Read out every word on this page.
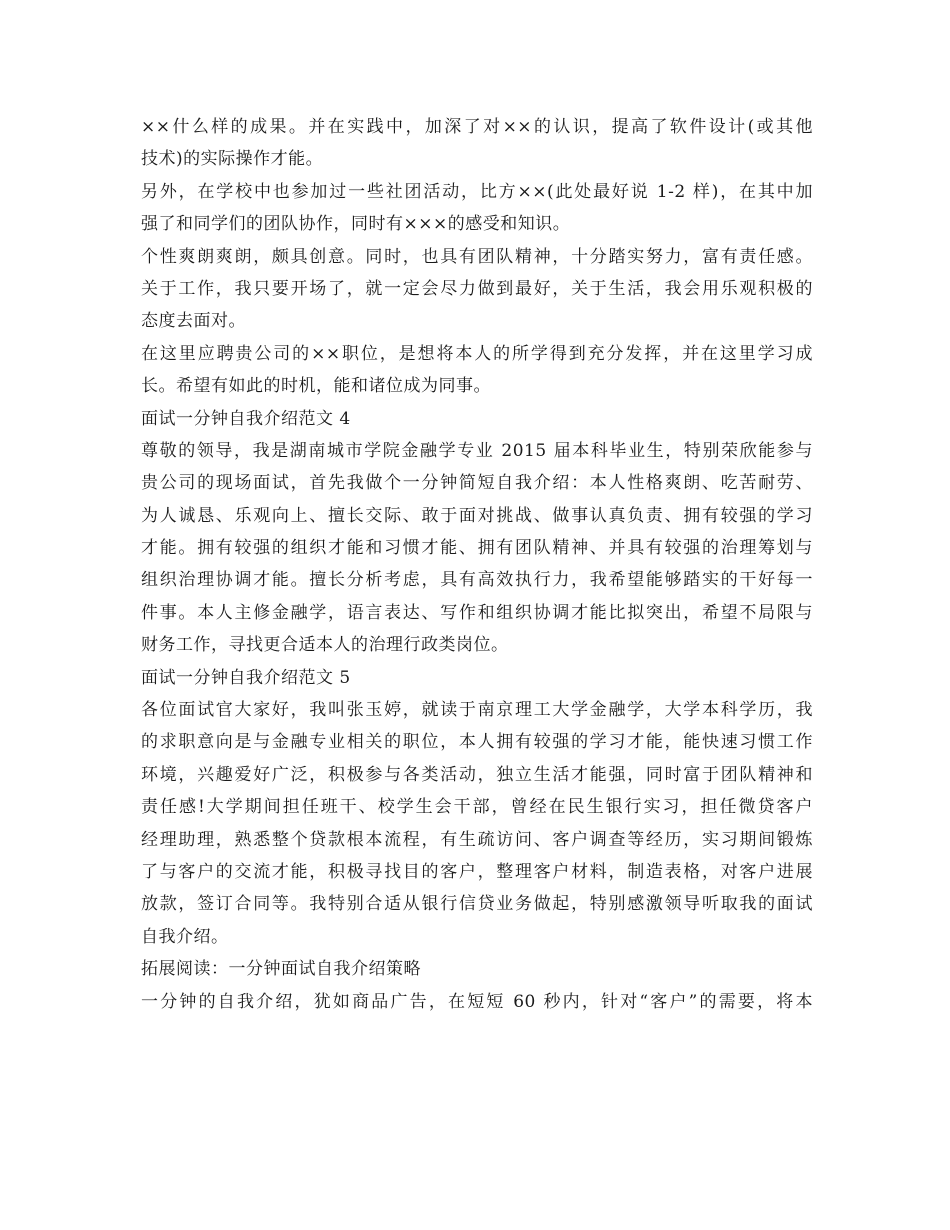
××什么样的成果。并在实践中，加深了对××的认识，提高了软件设计(或其他
技术)的实际操作才能。
另外，在学校中也参加过一些社团活动，比方××(此处最好说 1-2 样)，在其中加
强了和同学们的团队协作，同时有×××的感受和知识。
个性爽朗爽朗，颇具创意。同时，也具有团队精神，十分踏实努力，富有责任感。
关于工作，我只要开场了，就一定会尽力做到最好，关于生活，我会用乐观积极的
态度去面对。
在这里应聘贵公司的××职位，是想将本人的所学得到充分发挥，并在这里学习成
长。希望有如此的时机，能和诸位成为同事。
面试一分钟自我介绍范文 4
尊敬的领导，我是湖南城市学院金融学专业 2015 届本科毕业生，特别荣欣能参与
贵公司的现场面试，首先我做个一分钟简短自我介绍：本人性格爽朗、吃苦耐劳、
为人诚恳、乐观向上、擅长交际、敢于面对挑战、做事认真负责、拥有较强的学习
才能。拥有较强的组织才能和习惯才能、拥有团队精神、并具有较强的治理筹划与
组织治理协调才能。擅长分析考虑，具有高效执行力，我希望能够踏实的干好每一
件事。本人主修金融学，语言表达、写作和组织协调才能比拟突出，希望不局限与
财务工作，寻找更合适本人的治理行政类岗位。
面试一分钟自我介绍范文 5
各位面试官大家好，我叫张玉婷，就读于南京理工大学金融学，大学本科学历，我
的求职意向是与金融专业相关的职位，本人拥有较强的学习才能，能快速习惯工作
环境，兴趣爱好广泛，积极参与各类活动，独立生活才能强，同时富于团队精神和
责任感!大学期间担任班干、校学生会干部，曾经在民生银行实习，担任微贷客户
经理助理，熟悉整个贷款根本流程，有生疏访问、客户调查等经历，实习期间锻炼
了与客户的交流才能，积极寻找目的客户，整理客户材料，制造表格，对客户进展
放款，签订合同等。我特别合适从银行信贷业务做起，特别感激领导听取我的面试
自我介绍。
拓展阅读：一分钟面试自我介绍策略
一分钟的自我介绍，犹如商品广告，在短短 60 秒内，针对“客户”的需要，将本
